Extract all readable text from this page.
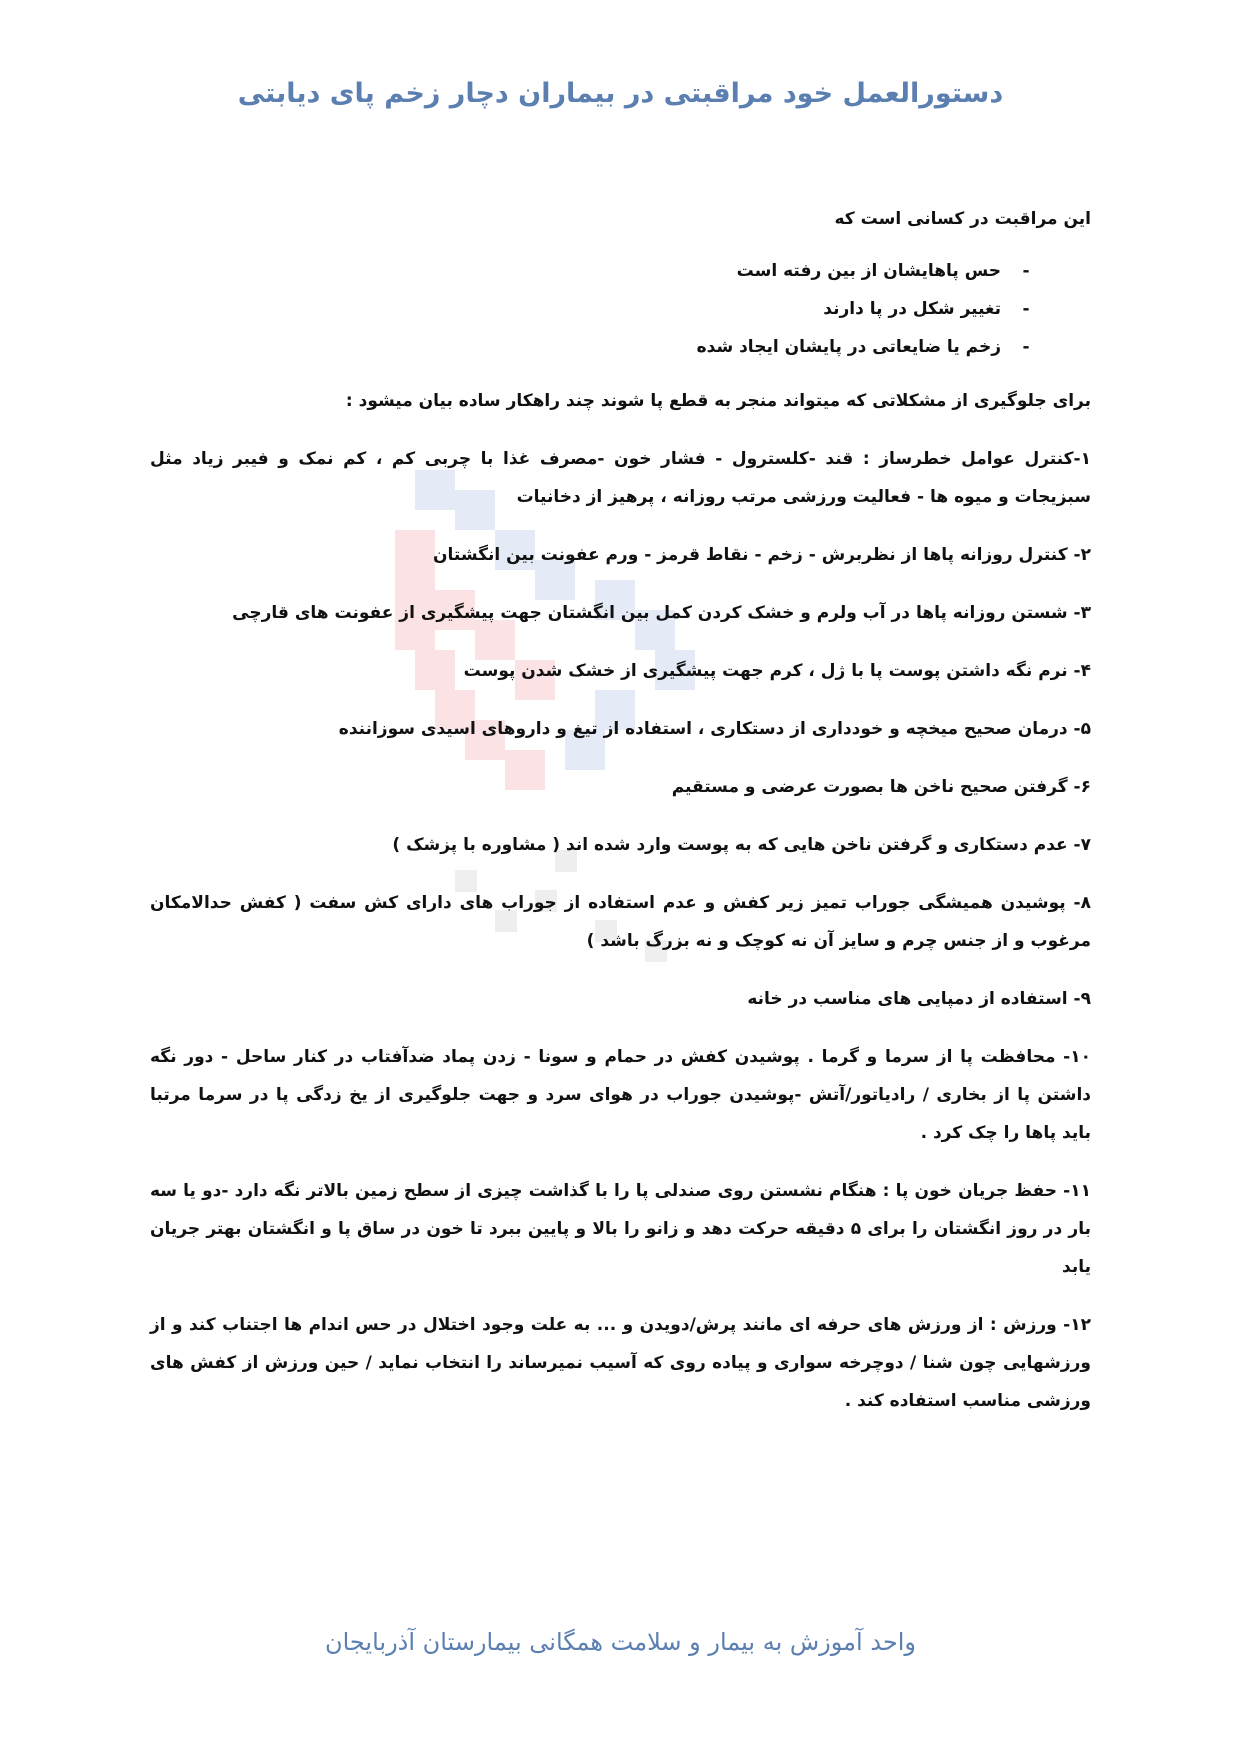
دستورالعمل خود مراقبتی در بیماران دچار زخم پای دیابتی

این مراقبت در کسانی است که

-
حس پاهایشان از بین رفته است
-
تغییر شکل در پا دارند
-
زخم یا ضایعاتی در پایشان ایجاد شده

برای جلوگیری از مشکلاتی که میتواند منجر به قطع پا شوند چند راهکار ساده بیان میشود :

۱-کنترل عوامل خطرساز : قند -کلسترول - فشار خون -مصرف غذا با چربی کم ، کم نمک و فیبر زیاد مثل سبزیجات و میوه ها - فعالیت ورزشی مرتب روزانه ، پرهیز از دخانیات

۲- کنترل روزانه پاها از نظربرش - زخم - نقاط قرمز - ورم عفونت بین انگشتان

۳- شستن روزانه پاها در آب ولرم و خشک کردن کمل بین انگشتان جهت پیشگیری از عفونت های قارچی

۴- نرم نگه داشتن پوست پا با ژل ، کرم جهت پیشگیری از خشک شدن پوست

۵- درمان صحیح میخچه و خودداری از دستکاری ، استفاده از تیغ و داروهای اسیدی سوزاننده

۶- گرفتن صحیح ناخن ها بصورت عرضی و مستقیم

۷- عدم دستکاری و گرفتن ناخن هایی که به پوست وارد شده اند ( مشاوره با پزشک )

۸- پوشیدن همیشگی جوراب تمیز زیر کفش و عدم استفاده از جوراب های دارای کش سفت ( کفش حدالامکان مرغوب و از جنس چرم و سایز آن نه کوچک و نه بزرگ باشد )

۹- استفاده از دمپایی های مناسب در خانه

۱۰- محافظت پا از سرما و گرما . پوشیدن کفش در حمام و سونا - زدن پماد ضدآفتاب در کنار ساحل - دور نگه داشتن پا از بخاری / رادیاتور/آتش -پوشیدن جوراب در هوای سرد و جهت جلوگیری از یخ زدگی پا در سرما مرتبا باید پاها را چک کرد .

۱۱- حفظ جریان خون پا : هنگام نشستن روی صندلی پا را با گذاشت چیزی از سطح زمین بالاتر نگه دارد -دو یا سه بار در روز انگشتان را برای ۵ دقیقه حرکت دهد و زانو را بالا و پایین ببرد تا خون در ساق پا و انگشتان بهتر جریان یابد

۱۲- ورزش : از ورزش های حرفه ای مانند پرش/دویدن و ... به علت وجود اختلال در حس اندام ها اجتناب کند و از ورزشهایی چون شنا / دوچرخه سواری و پیاده روی که آسیب نمیرساند را انتخاب نماید / حین ورزش از کفش های ورزشی مناسب استفاده کند .

واحد آموزش به بیمار و سلامت همگانی بیمارستان آذربایجان
